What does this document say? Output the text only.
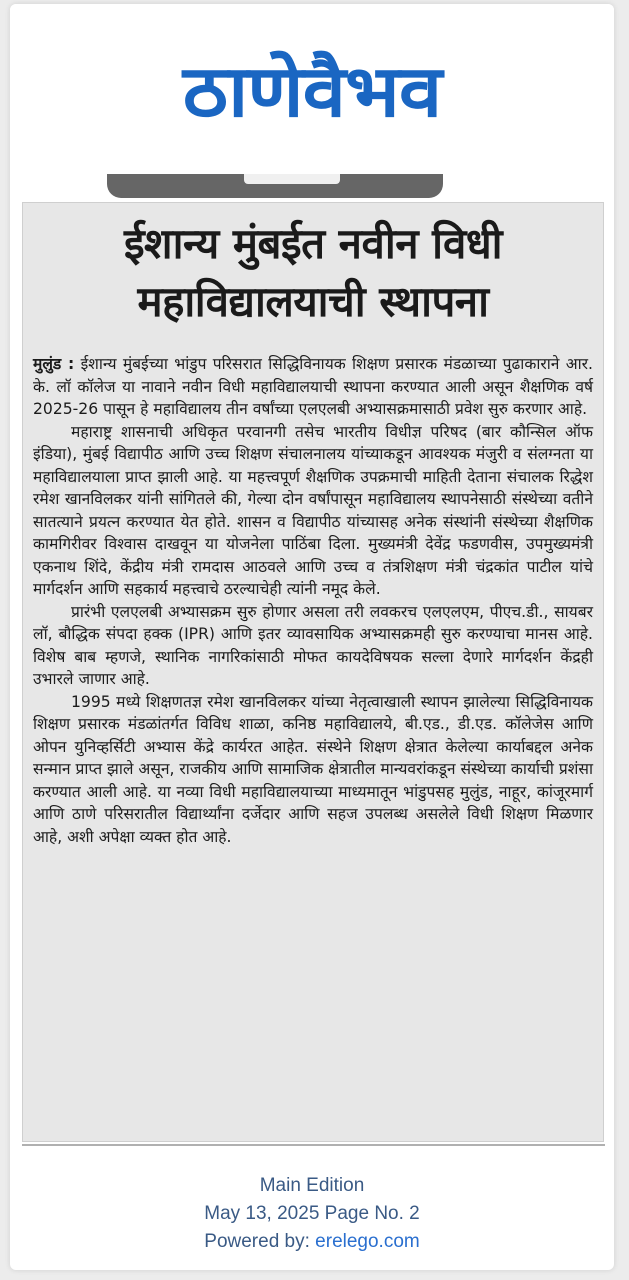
ठाणेवैभव
ईशान्य मुंबईत नवीन विधी
महाविद्यालयाची स्थापना

मुलुंड : ईशान्य मुंबईच्या भांडुप परिसरात सिद्धिविनायक शिक्षण प्रसारक मंडळाच्या पुढाकाराने आर. के. लॉ कॉलेज या नावाने नवीन विधी महाविद्यालयाची स्थापना करण्यात आली असून शैक्षणिक वर्ष 2025-26 पासून हे महाविद्यालय तीन वर्षांच्या एलएलबी अभ्यासक्रमासाठी प्रवेश सुरु करणार आहे.

महाराष्ट्र शासनाची अधिकृत परवानगी तसेच भारतीय विधीज्ञ परिषद (बार कौन्सिल ऑफ इंडिया), मुंबई विद्यापीठ आणि उच्च शिक्षण संचालनालय यांच्याकडून आवश्यक मंजुरी व संलग्नता या महाविद्यालयाला प्राप्त झाली आहे. या महत्त्वपूर्ण शैक्षणिक उपक्रमाची माहिती देताना संचालक रिद्धेश रमेश खानविलकर यांनी सांगितले की, गेल्या दोन वर्षांपासून महाविद्यालय स्थापनेसाठी संस्थेच्या वतीने सातत्याने प्रयत्न करण्यात येत होते. शासन व विद्यापीठ यांच्यासह अनेक संस्थांनी संस्थेच्या शैक्षणिक कामगिरीवर विश्वास दाखवून या योजनेला पाठिंबा दिला. मुख्यमंत्री देवेंद्र फडणवीस, उपमुख्यमंत्री एकनाथ शिंदे, केंद्रीय मंत्री रामदास आठवले आणि उच्च व तंत्रशिक्षण मंत्री चंद्रकांत पाटील यांचे मार्गदर्शन आणि सहकार्य महत्त्वाचे ठरल्याचेही त्यांनी नमूद केले.

प्रारंभी एलएलबी अभ्यासक्रम सुरु होणार असला तरी लवकरच एलएलएम, पीएच.डी., सायबर लॉ, बौद्धिक संपदा हक्क (IPR) आणि इतर व्यावसायिक अभ्यासक्रमही सुरु करण्याचा मानस आहे. विशेष बाब म्हणजे, स्थानिक नागरिकांसाठी मोफत कायदेविषयक सल्ला देणारे मार्गदर्शन केंद्रही उभारले जाणार आहे.

1995 मध्ये शिक्षणतज्ञ रमेश खानविलकर यांच्या नेतृत्वाखाली स्थापन झालेल्या सिद्धिविनायक शिक्षण प्रसारक मंडळांतर्गत विविध शाळा, कनिष्ठ महाविद्यालये, बी.एड., डी.एड. कॉलेजेस आणि ओपन युनिव्हर्सिटी अभ्यास केंद्रे कार्यरत आहेत. संस्थेने शिक्षण क्षेत्रात केलेल्या कार्याबद्दल अनेक सन्मान प्राप्त झाले असून, राजकीय आणि सामाजिक क्षेत्रातील मान्यवरांकडून संस्थेच्या कार्याची प्रशंसा करण्यात आली आहे. या नव्या विधी महाविद्यालयाच्या माध्यमातून भांडुपसह मुलुंड, नाहूर, कांजूरमार्ग आणि ठाणे परिसरातील विद्यार्थ्यांना दर्जेदार आणि सहज उपलब्ध असलेले विधी शिक्षण मिळणार आहे, अशी अपेक्षा व्यक्त होत आहे.

Main Edition
May 13, 2025 Page No. 2
Powered by: erelego.com
